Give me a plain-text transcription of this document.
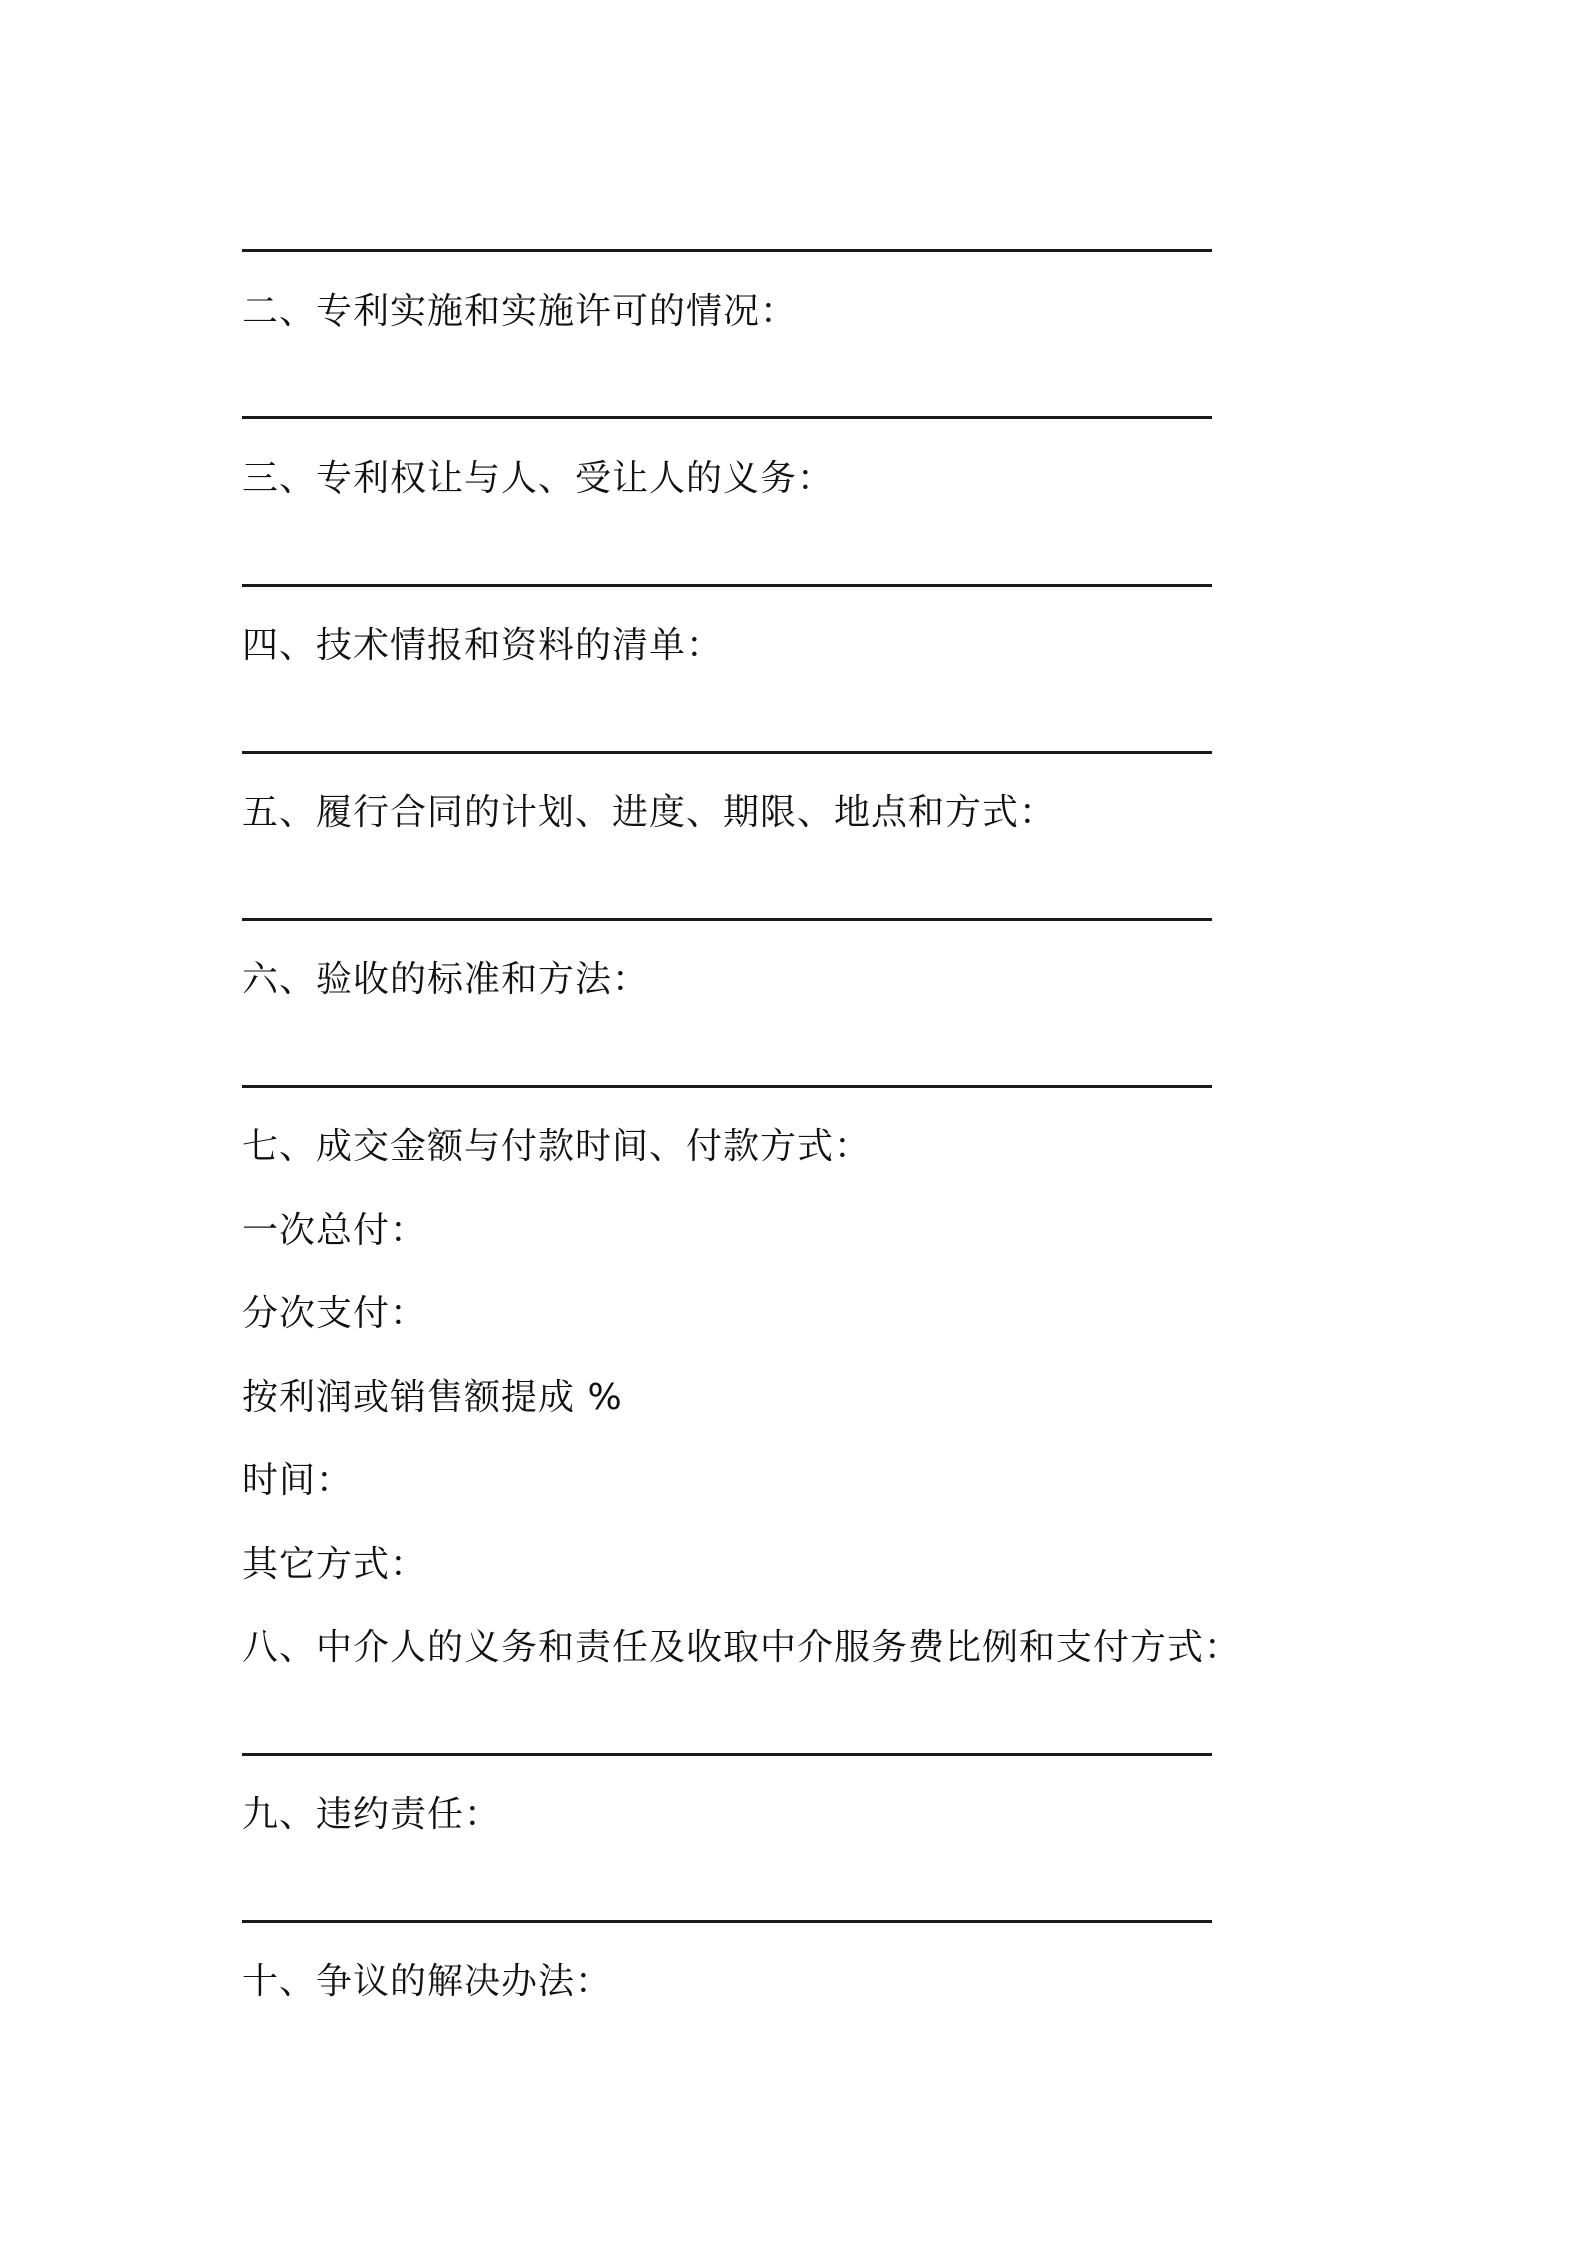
二、专利实施和实施许可的情况：
三、专利权让与人、受让人的义务：
四、技术情报和资料的清单：
五、履行合同的计划、进度、期限、地点和方式：
六、验收的标准和方法：
七、成交金额与付款时间、付款方式：
一次总付：
分次支付：
按利润或销售额提成 %
时间：
其它方式：
八、中介人的义务和责任及收取中介服务费比例和支付方式：
九、违约责任：
十、争议的解决办法：
